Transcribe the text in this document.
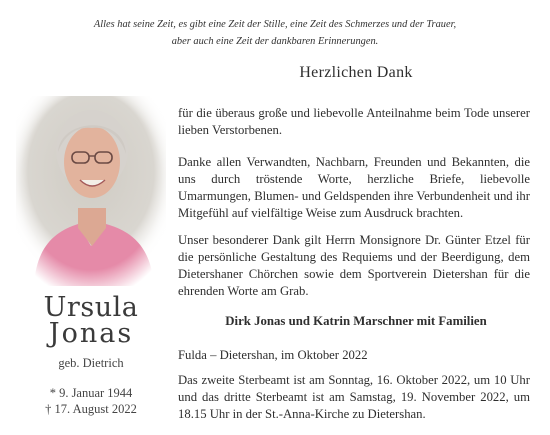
Alles hat seine Zeit, es gibt eine Zeit der Stille, eine Zeit des Schmerzes und der Trauer,
aber auch eine Zeit der dankbaren Erinnerungen.
Ursula
Jonas
geb. Dietrich
* 9. Januar 1944
† 17. August 2022
Herzlichen Dank
für die überaus große und liebevolle Anteilnahme beim Tode unserer lieben Verstorbenen.
Danke allen Verwandten, Nachbarn, Freunden und Bekannten, die uns durch tröstende Worte, herzliche Briefe, liebevolle Umarmungen, Blumen- und Geldspenden ihre Verbundenheit und ihr Mitgefühl auf vielfältige Weise zum Ausdruck brachten.
Unser besonderer Dank gilt Herrn Monsignore Dr. Günter Etzel für die persönliche Gestaltung des Requiems und der Beerdigung, dem Dietershaner Chörchen sowie dem Sportverein Dietershan für die ehrenden Worte am Grab.
Dirk Jonas und Katrin Marschner mit Familien
Fulda – Dietershan, im Oktober 2022
Das zweite Sterbeamt ist am Sonntag, 16. Oktober 2022, um 10 Uhr und das dritte Sterbeamt ist am Samstag, 19. November 2022, um 18.15 Uhr in der St.-Anna-Kirche zu Dietershan.
